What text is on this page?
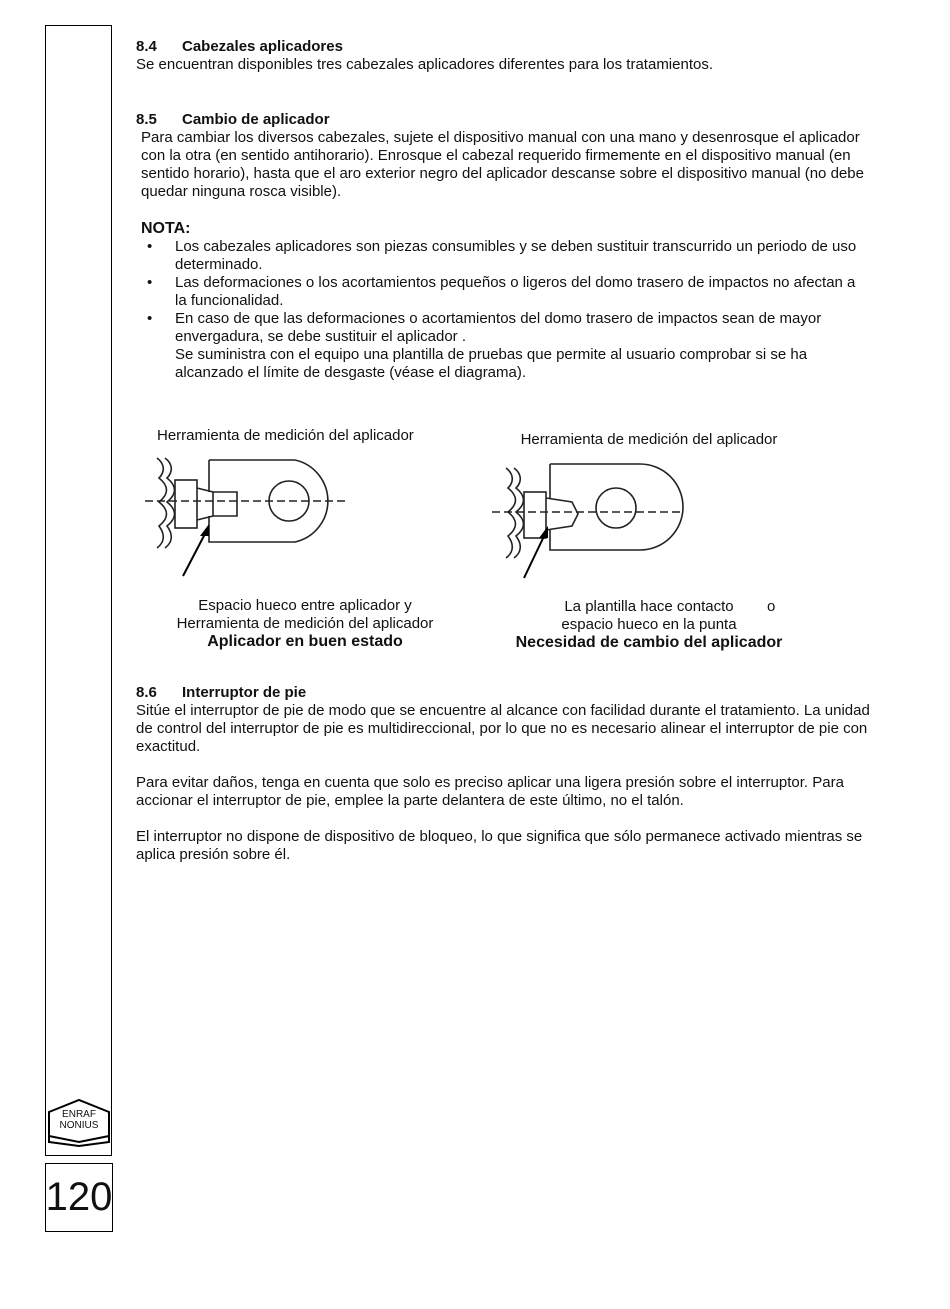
ENRAF
NONIUS
120
8.4 Cabezales aplicadores

Se encuentran disponibles tres cabezales aplicadores diferentes para los tratamientos.

8.5 Cambio de aplicador

Para cambiar los diversos cabezales, sujete el dispositivo manual con una mano y desenrosque el aplicador con la otra (en sentido antihorario). Enrosque el cabezal requerido firmemente en el dispositivo manual (en sentido horario), hasta que el aro exterior negro del aplicador descanse sobre el dispositivo manual (no debe quedar ninguna rosca visible).

NOTA:
• Los cabezales aplicadores son piezas consumibles y se deben sustituir transcurrido un periodo de uso determinado.
• Las deformaciones o los acortamientos pequeños o ligeros del domo trasero de impactos no afectan a la funcionalidad.
• En caso de que las deformaciones o acortamientos del domo trasero de impactos sean de mayor envergadura, se debe sustituir el aplicador .
Se suministra con el equipo una plantilla de pruebas que permite al usuario comprobar si se ha alcanzado el límite de desgaste (véase el diagrama).
Herramienta de medición del aplicador
Espacio hueco entre aplicador y
Herramienta de medición del aplicador
Aplicador en buen estado
Herramienta de medición del aplicador
La plantilla hace contacto o
espacio hueco en la punta
Necesidad de cambio del aplicador
8.6 Interruptor de pie

Sitúe el interruptor de pie de modo que se encuentre al alcance con facilidad durante el tratamiento. La unidad de control del interruptor de pie es multidireccional, por lo que no es necesario alinear el interruptor de pie con exactitud.

Para evitar daños, tenga en cuenta que solo es preciso aplicar una ligera presión sobre el interruptor. Para accionar el interruptor de pie, emplee la parte delantera de este último, no el talón.

El interruptor no dispone de dispositivo de bloqueo, lo que significa que sólo permanece activado mientras se aplica presión sobre él.
